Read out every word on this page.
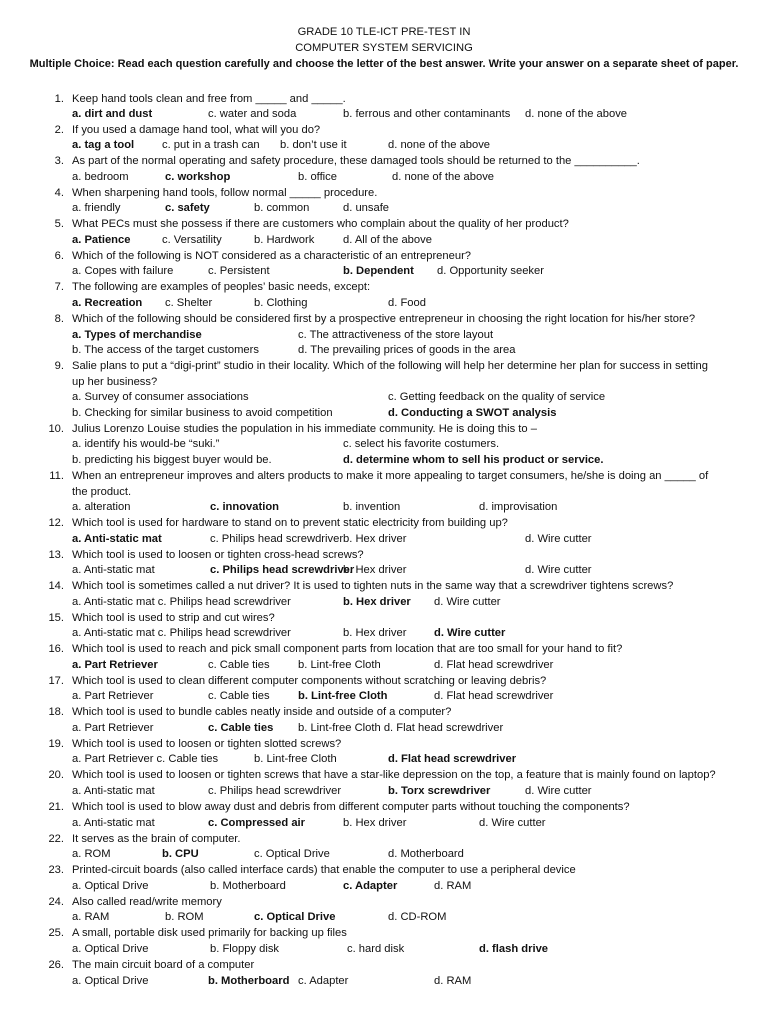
GRADE 10 TLE-ICT PRE-TEST IN
COMPUTER SYSTEM SERVICING
Multiple Choice: Read each question carefully and choose the letter of the best answer. Write your answer on a separate sheet of paper.
1. Keep hand tools clean and free from _____ and _____.
a. dirt and dust	c. water and soda	b. ferrous and other contaminants d. none of the above
2. If you used a damage hand tool, what will you do?
a. tag a tool c. put in a trash can b. don’t use it	d. none of the above
3. As part of the normal operating and safety procedure, these damaged tools should be returned to the __________.
a. bedroom	c. workshop	b. office	d. none of the above
4. When sharpening hand tools, follow normal _____ procedure.
a. friendly	c. safety	b. common	d. unsafe
5. What PECs must she possess if there are customers who complain about the quality of her product?
a. Patience	c. Versatility	b. Hardwork	d. All of the above
6. Which of the following is NOT considered as a characteristic of an entrepreneur?
a. Copes with failure	c. Persistent	b. Dependent d. Opportunity seeker
7. The following are examples of peoples’ basic needs, except:
a. Recreation c. Shelter	b. Clothing	d. Food
8. Which of the following should be considered first by a prospective entrepreneur in choosing the right location for his/her store?
a. Types of merchandise	c. The attractiveness of the store layout
b. The access of the target customers	d. The prevailing prices of goods in the area
9. Salie plans to put a “digi-print” studio in their locality. Which of the following will help her determine her plan for success in setting
up her business?
a. Survey of consumer associations	c. Getting feedback on the quality of service
b. Checking for similar business to avoid competition	d. Conducting a SWOT analysis
10. Julius Lorenzo Louise studies the population in his immediate community. He is doing this to –
a. identify his would-be “suki.”	c. select his favorite costumers.
b. predicting his biggest buyer would be.	d. determine whom to sell his product or service.
11. When an entrepreneur improves and alters products to make it more appealing to target consumers, he/she is doing an _____ of
the product.
a. alteration	c. innovation	b. invention	d. improvisation
12. Which tool is used for hardware to stand on to prevent static electricity from building up?
a. Anti-static mat	c. Philips head screwdriver b. Hex driver	d. Wire cutter
13. Which tool is used to loosen or tighten cross-head screws?
a. Anti-static mat	c. Philips head screwdriver
b. Hex driver	d. Wire cutter
14. Which tool is sometimes called a nut driver? It is used to tighten nuts in the same way that a screwdriver tightens screws?
a. Anti-static mat c. Philips head screwdriver	b. Hex driver d. Wire cutter
15. Which tool is used to strip and cut wires?
a. Anti-static mat c. Philips head screwdriver	b. Hex driver d. Wire cutter
16. Which tool is used to reach and pick small component parts from location that are too small for your hand to fit?
a. Part Retriever	c. Cable ties	b. Lint-free Cloth	d. Flat head screwdriver
17. Which tool is used to clean different computer components without scratching or leaving debris?
a. Part Retriever	c. Cable ties	b. Lint-free Cloth	d. Flat head screwdriver
18. Which tool is used to bundle cables neatly inside and outside of a computer?
a. Part Retriever	c. Cable ties b. Lint-free Cloth d. Flat head screwdriver
19. Which tool is used to loosen or tighten slotted screws?
a. Part Retriever c. Cable ties	b. Lint-free Cloth	d. Flat head screwdriver
20. Which tool is used to loosen or tighten screws that have a star-like depression on the top, a feature that is mainly found on laptop?
a. Anti-static mat	c. Philips head screwdriver	b. Torx screwdriver	d. Wire cutter
21. Which tool is used to blow away dust and debris from different computer parts without touching the components?
a. Anti-static mat	c. Compressed air	b. Hex driver	d. Wire cutter
22. It serves as the brain of computer.
a. ROM	b. CPU	c. Optical Drive	d. Motherboard
23. Printed-circuit boards (also called interface cards) that enable the computer to use a peripheral device
a. Optical Drive	b. Motherboard	c. Adapter	d. RAM
24. Also called read/write memory
a. RAM	b. ROM	c. Optical Drive	d. CD-ROM
25. A small, portable disk used primarily for backing up files
a. Optical Drive	b. Floppy disk	c. hard disk	d. flash drive
26. The main circuit board of a computer
a. Optical Drive	b. Motherboard c. Adapter	d. RAM
